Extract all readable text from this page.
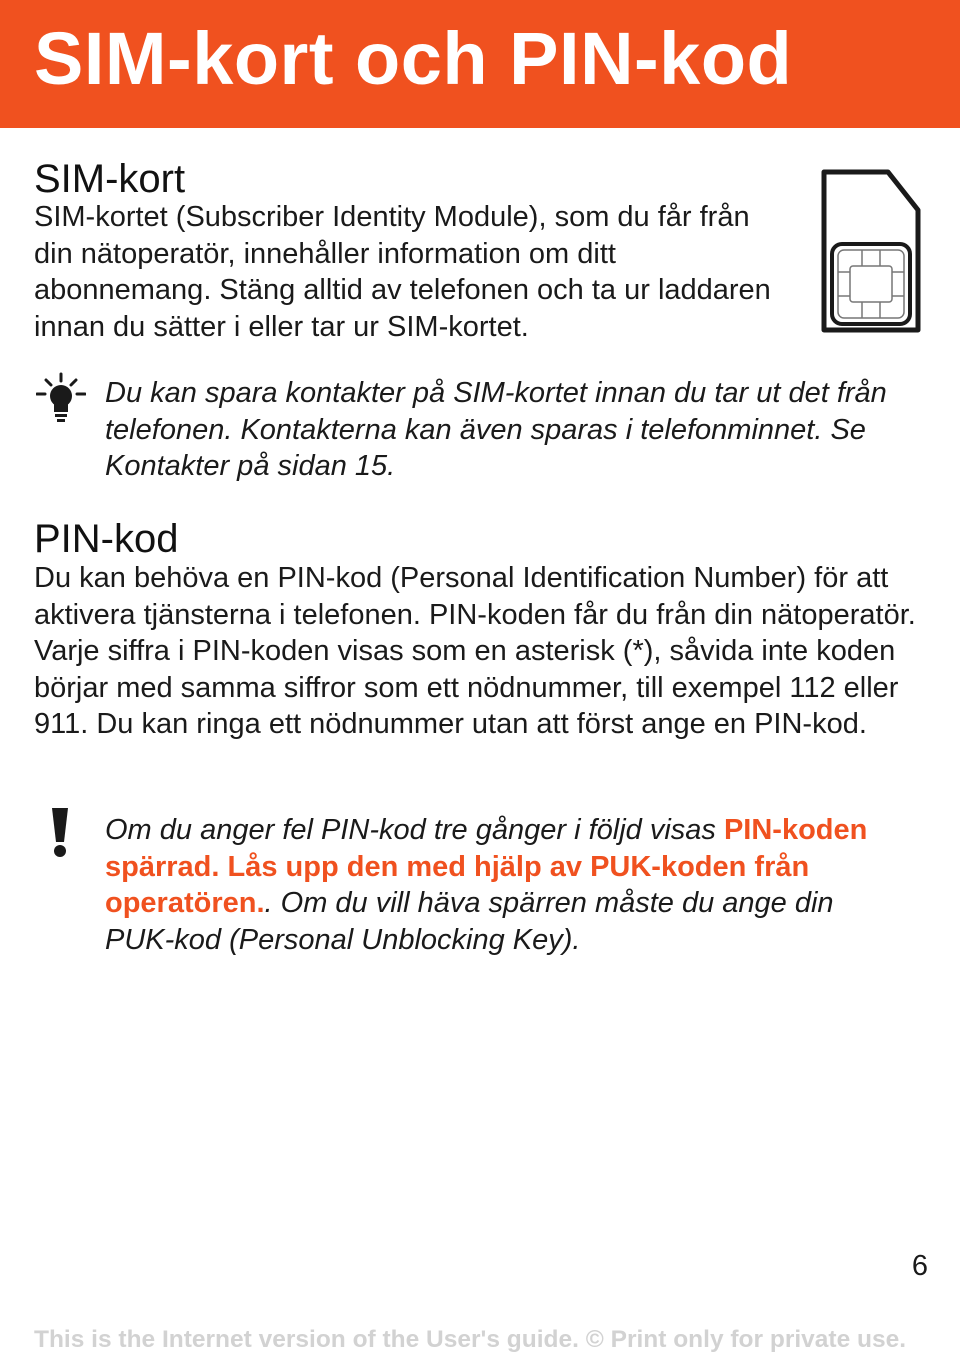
SIM-kort och PIN-kod
SIM-kort

SIM-kortet (Subscriber Identity Module), som du får från din nätoperatör, innehåller information om ditt abonnemang. Stäng alltid av telefonen och ta ur laddaren innan du sätter i eller tar ur SIM-kortet.

Du kan spara kontakter på SIM-kortet innan du tar ut det från telefonen. Kontakterna kan även sparas i telefonminnet. Se Kontakter på sidan 15.

PIN-kod

Du kan behöva en PIN-kod (Personal Identification Number) för att aktivera tjänsterna i telefonen. PIN-koden får du från din nätoperatör. Varje siffra i PIN-koden visas som en asterisk (*), såvida inte koden börjar med samma siffror som ett nödnummer, till exempel 112 eller 911. Du kan ringa ett nödnummer utan att först ange en PIN-kod.

Om du anger fel PIN-kod tre gånger i följd visas PIN-koden spärrad. Lås upp den med hjälp av PUK-koden från operatören.. Om du vill häva spärren måste du ange din PUK-kod (Personal Unblocking Key).

6
This is the Internet version of the User's guide. © Print only for private use.
